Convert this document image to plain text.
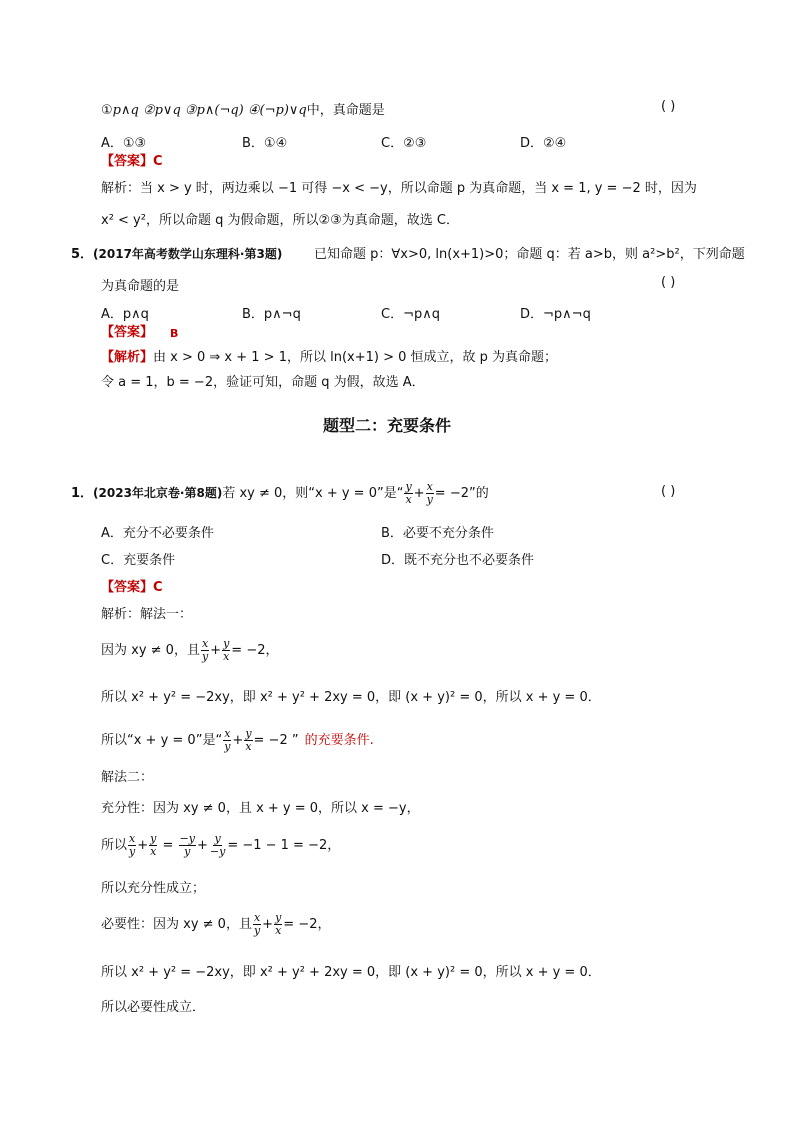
①p∧q ②p∨q ③p∧(¬q) ④(¬p)∨q中，真命题是	( )
A．①③	B．①④	C．②③	D．②④
【答案】C
解析：当 x > y 时，两边乘以 −1 可得 −x < −y，所以命题 p 为真命题，当 x = 1, y = −2 时，因为
x² < y²，所以命题 q 为假命题，所以②③为真命题，故选 C．
5．(2017年高考数学山东理科·第3题) 已知命题 p：∀x>0, ln(x+1)>0；命题 q：若 a>b，则 a²>b²，下列命题
为真命题的是	( )
A．p∧q	B．p∧¬q	C．¬p∧q	D．¬p∧¬q
【答案】 B
【解析】由 x > 0 ⇒ x + 1 > 1，所以 ln(x+1) > 0 恒成立，故 p 为真命题；
令 a = 1，b = −2，验证可知，命题 q 为假，故选 A．
题型二：充要条件
1．(2023年北京卷·第8题)若 xy ≠ 0，则“x + y = 0”是“ $\frac{y}{x} + \frac{x}{y} = -2$”的	( )
A．充分不必要条件	B．必要不充分条件
C．充要条件	D．既不充分也不必要条件
【答案】C
解析：解法一：
因为 xy ≠ 0，且 $\frac{x}{y} + \frac{y}{x} = -2$，
所以 x² + y² = −2xy，即 x² + y² + 2xy = 0，即 (x + y)² = 0，所以 x + y = 0．
所以“x + y = 0”是“ $\frac{x}{y} + \frac{y}{x} = -2$ ” 的充要条件.
解法二：
充分性：因为 xy ≠ 0，且 x + y = 0，所以 x = −y，
所以 $\frac{x}{y} + \frac{y}{x} = \frac{-y}{y} + \frac{y}{-y} = -1 - 1 = -2$，
所以充分性成立；
必要性：因为 xy ≠ 0，且 $\frac{x}{y} + \frac{y}{x} = -2$，
所以 x² + y² = −2xy，即 x² + y² + 2xy = 0，即 (x + y)² = 0，所以 x + y = 0．
所以必要性成立．
